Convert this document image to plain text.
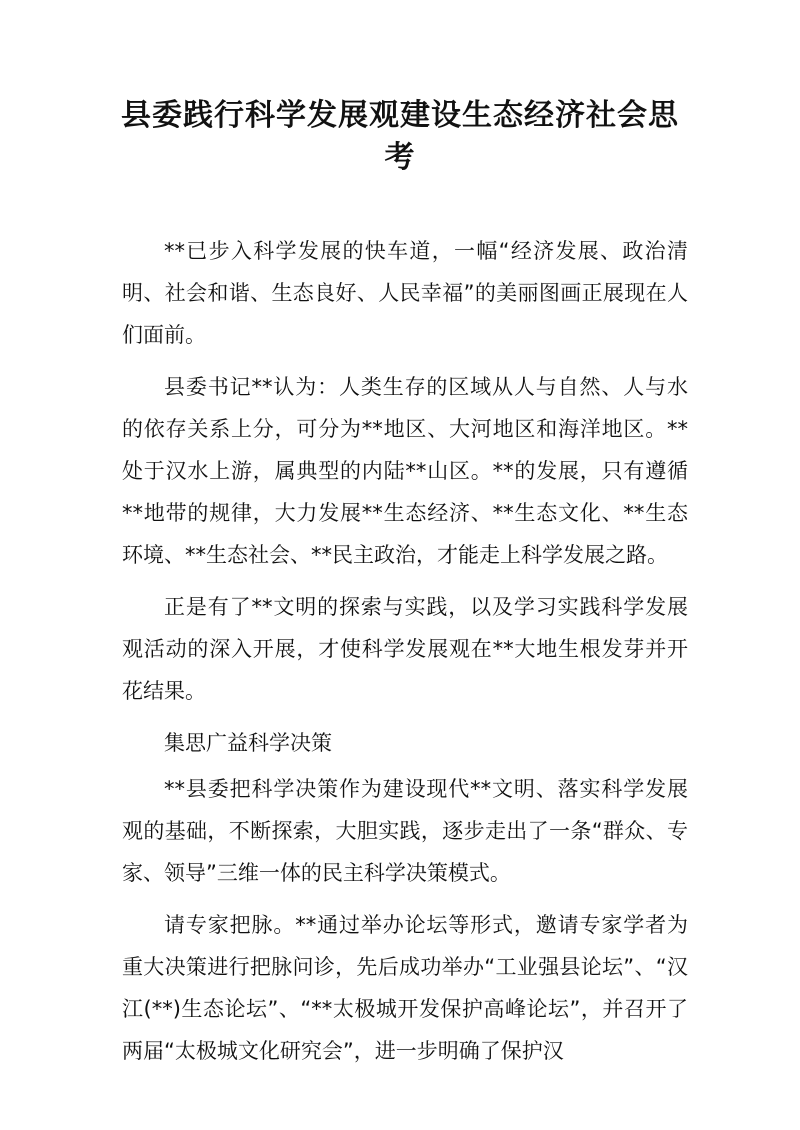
县委践行科学发展观建设生态经济社会思考

**已步入科学发展的快车道，一幅“经济发展、政治清明、社会和谐、生态良好、人民幸福”的美丽图画正展现在人们面前。

县委书记**认为：人类生存的区域从人与自然、人与水的依存关系上分，可分为**地区、大河地区和海洋地区。**处于汉水上游，属典型的内陆**山区。**的发展，只有遵循**地带的规律，大力发展**生态经济、**生态文化、**生态环境、**生态社会、**民主政治，才能走上科学发展之路。

正是有了**文明的探索与实践，以及学习实践科学发展观活动的深入开展，才使科学发展观在**大地生根发芽并开花结果。

集思广益科学决策

**县委把科学决策作为建设现代**文明、落实科学发展观的基础，不断探索，大胆实践，逐步走出了一条“群众、专家、领导”三维一体的民主科学决策模式。

请专家把脉。**通过举办论坛等形式，邀请专家学者为重大决策进行把脉问诊，先后成功举办“工业强县论坛”、“汉江(**)生态论坛”、“**太极城开发保护高峰论坛”，并召开了两届“太极城文化研究会”，进一步明确了保护汉
